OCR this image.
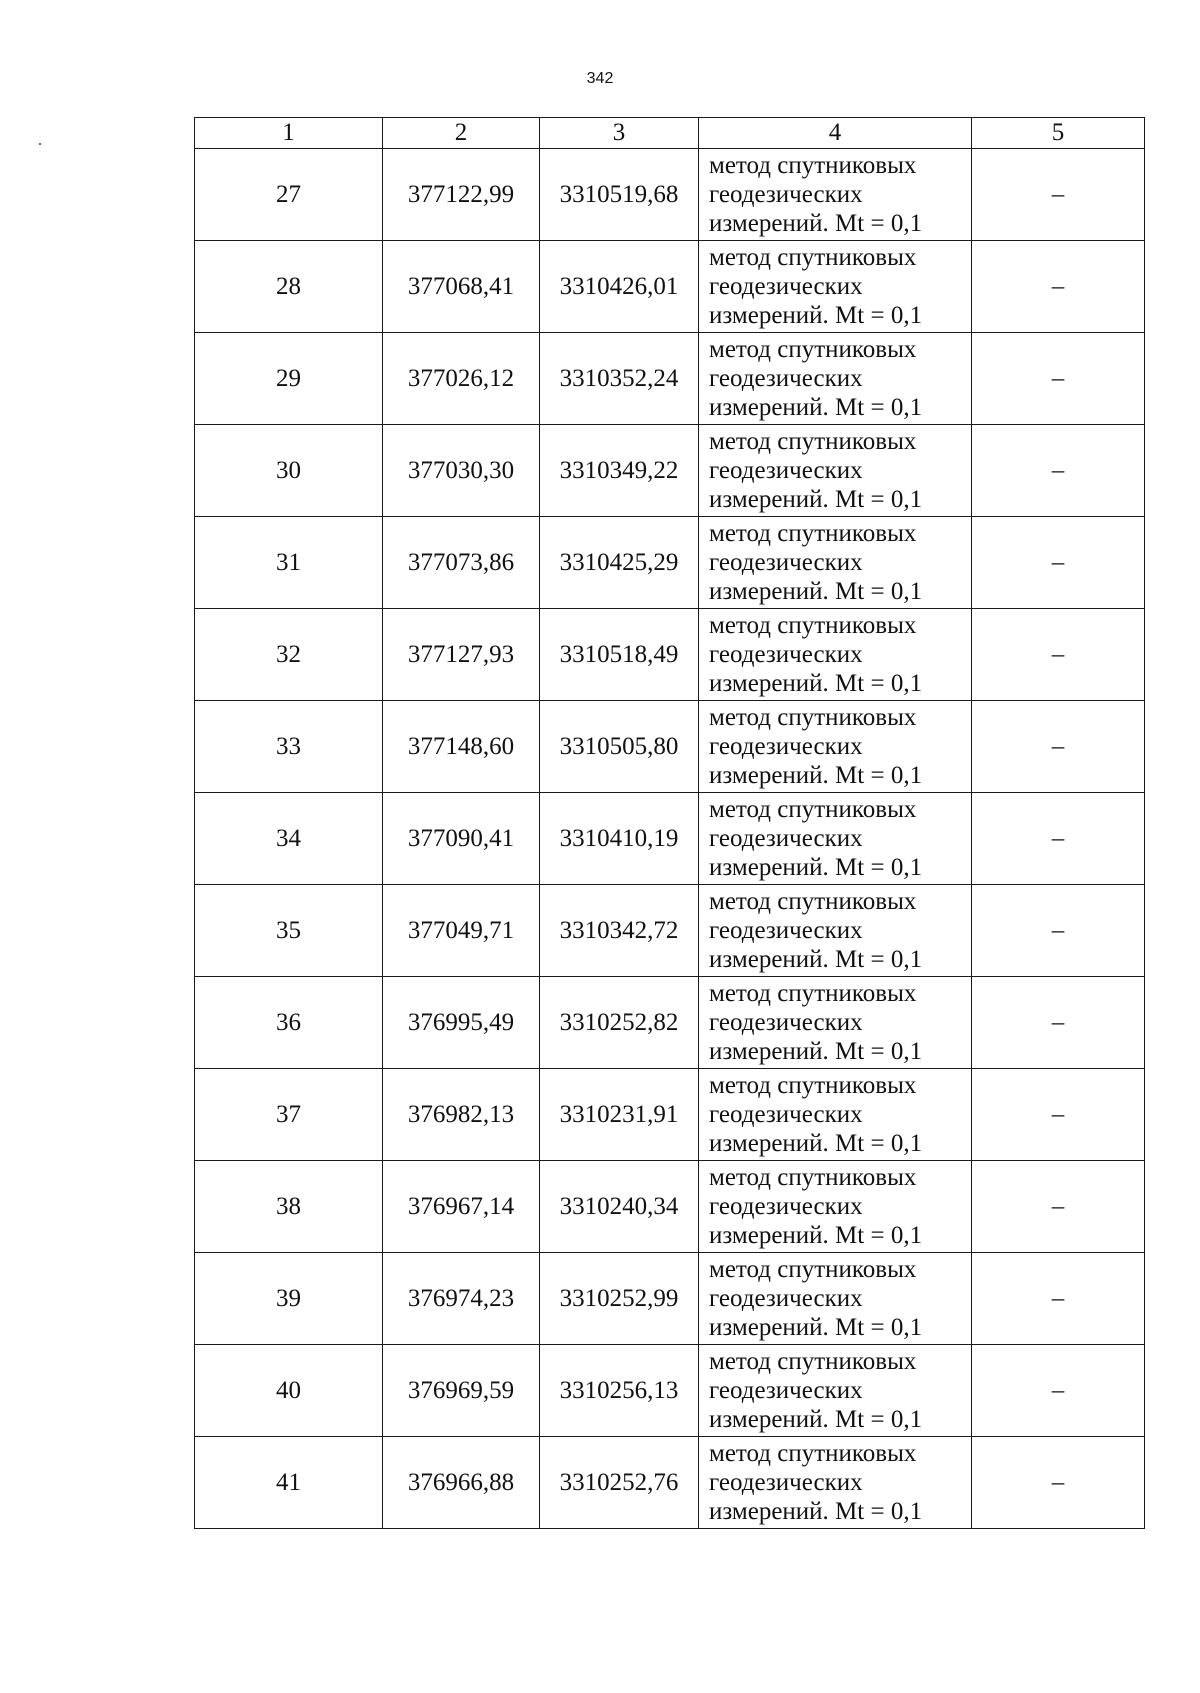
342
1	2	3	4	5
27	377122,99	3310519,68	метод спутниковых
геодезических
измерений. Mt = 0,1	–
28	377068,41	3310426,01	метод спутниковых
геодезических
измерений. Mt = 0,1	–
29	377026,12	3310352,24	метод спутниковых
геодезических
измерений. Mt = 0,1	–
30	377030,30	3310349,22	метод спутниковых
геодезических
измерений. Mt = 0,1	–
31	377073,86	3310425,29	метод спутниковых
геодезических
измерений. Mt = 0,1	–
32	377127,93	3310518,49	метод спутниковых
геодезических
измерений. Mt = 0,1	–
33	377148,60	3310505,80	метод спутниковых
геодезических
измерений. Mt = 0,1	–
34	377090,41	3310410,19	метод спутниковых
геодезических
измерений. Mt = 0,1	–
35	377049,71	3310342,72	метод спутниковых
геодезических
измерений. Mt = 0,1	–
36	376995,49	3310252,82	метод спутниковых
геодезических
измерений. Mt = 0,1	–
37	376982,13	3310231,91	метод спутниковых
геодезических
измерений. Mt = 0,1	–
38	376967,14	3310240,34	метод спутниковых
геодезических
измерений. Mt = 0,1	–
39	376974,23	3310252,99	метод спутниковых
геодезических
измерений. Mt = 0,1	–
40	376969,59	3310256,13	метод спутниковых
геодезических
измерений. Mt = 0,1	–
41	376966,88	3310252,76	метод спутниковых
геодезических
измерений. Mt = 0,1	–
